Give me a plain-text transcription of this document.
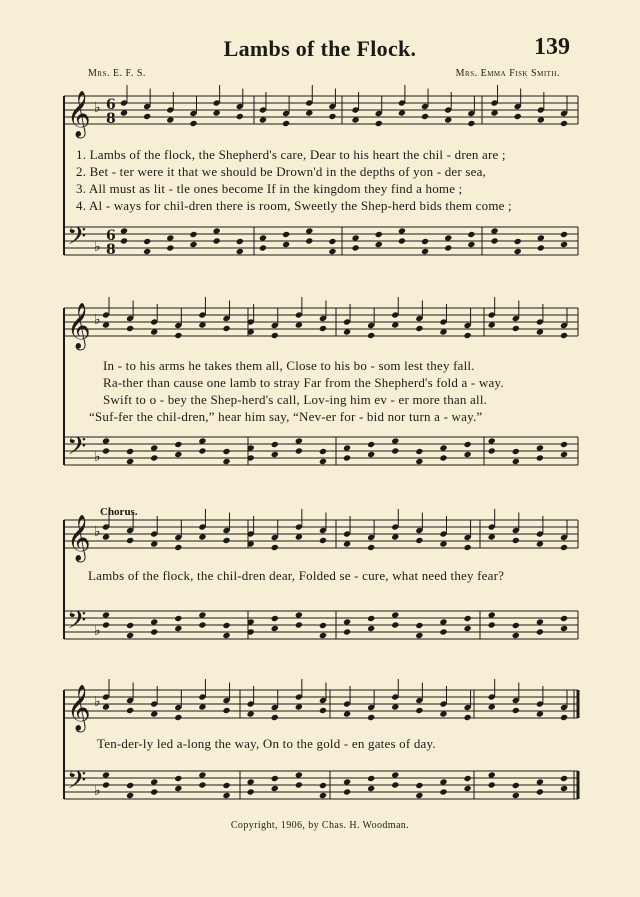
Lambs of the Flock.	139
Mrs. E. F. S.	Mrs. Emma Fisk Smith.
𝄞 ♭ 6
8
𝄢 ♭
6
8
𝄞 ♭
𝄢 ♭
𝄞 ♭
𝄢 ♭
𝄞 ♭
𝄢 ♭
1. Lambs of the flock, the Shepherd's care, Dear to his heart the chil - dren are ;
2. Bet - ter were it that we should be Drown'd in the depths of yon - der sea,
3. All must as lit - tle ones become If in the kingdom they find a home ;
4. Al - ways for chil-dren there is room, Sweetly the Shep-herd bids them come ;
In - to his arms he takes them all, Close to his bo - som lest they fall.
Ra-ther than cause one lamb to stray Far from the Shepherd's fold a - way.
Swift to o - bey the Shep-herd's call, Lov-ing him ev - er more than all.
“Suf-fer the chil-dren,” hear him say, “Nev-er for - bid nor turn a - way.”
Chorus.
Lambs of the flock, the chil-dren dear, Folded se - cure, what need they fear?
Ten-der-ly led a-long the way, On to the gold - en gates of day.
Copyright, 1906, by Chas. H. Woodman.
